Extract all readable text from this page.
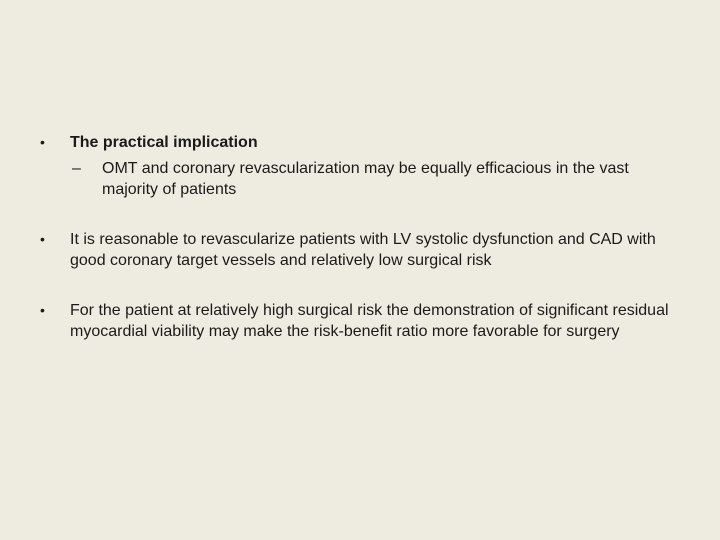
•	The practical implication
– OMT and coronary revascularization may be equally efficacious in the vast majority of patients
•	It is reasonable to revascularize patients with LV systolic dysfunction and CAD with good coronary target vessels and relatively low surgical risk
•	For the patient at relatively high surgical risk the demonstration of significant residual myocardial viability may make the risk-benefit ratio more favorable for surgery
